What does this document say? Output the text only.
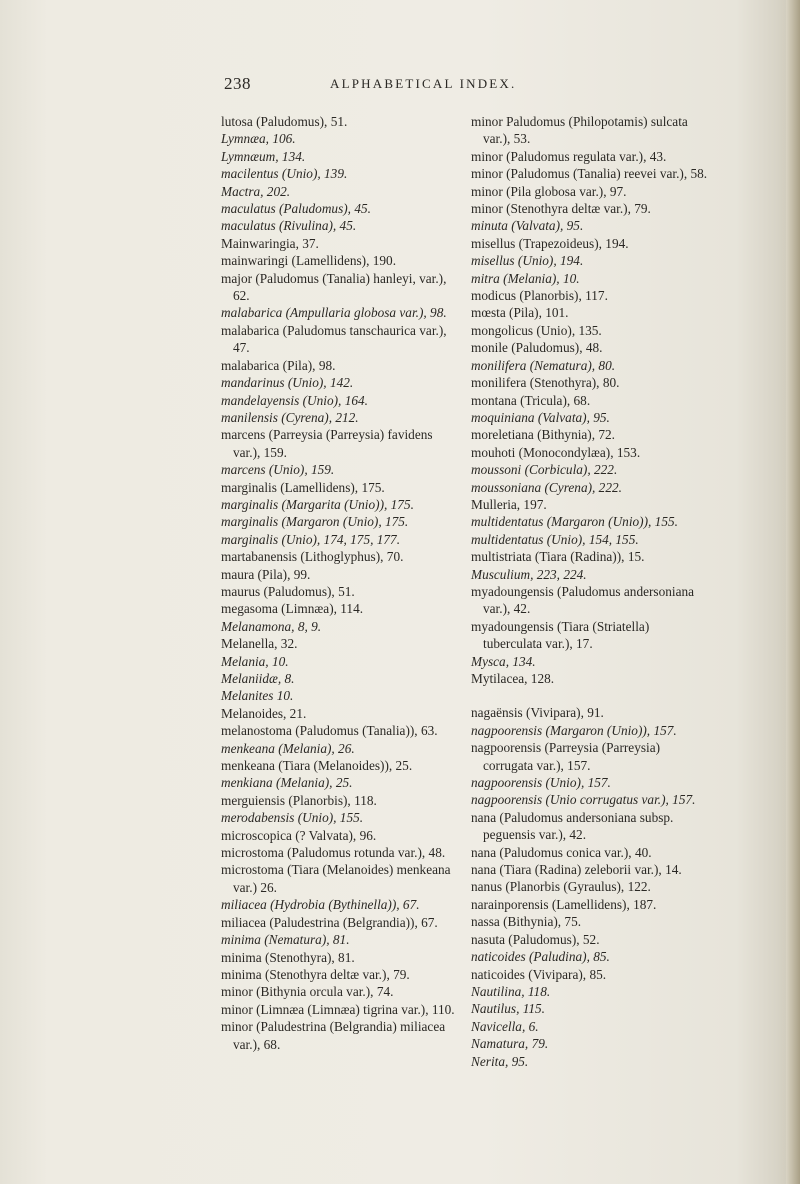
238	ALPHABETICAL INDEX.

lutosa (Paludomus), 51.

Lymnæa, 106.

Lymnæum, 134.

macilentus (Unio), 139.

Mactra, 202.

maculatus (Paludomus), 45.

maculatus (Rivulina), 45.

Mainwaringia, 37.

mainwaringi (Lamellidens), 190.

major (Paludomus (Tanalia) hanleyi, var.), 62.

malabarica (Ampullaria globosa var.), 98.

malabarica (Paludomus tanschaurica var.), 47.

malabarica (Pila), 98.

mandarinus (Unio), 142.

mandelayensis (Unio), 164.

manilensis (Cyrena), 212.

marcens (Parreysia (Parreysia) favidens var.), 159.

marcens (Unio), 159.

marginalis (Lamellidens), 175.

marginalis (Margarita (Unio)), 175.

marginalis (Margaron (Unio), 175.

marginalis (Unio), 174, 175, 177.

martabanensis (Lithoglyphus), 70.

maura (Pila), 99.

maurus (Paludomus), 51.

megasoma (Limnæa), 114.

Melanamona, 8, 9.

Melanella, 32.

Melania, 10.

Melaniidæ, 8.

Melanites 10.

Melanoides, 21.

melanostoma (Paludomus (Tanalia)), 63.

menkeana (Melania), 26.

menkeana (Tiara (Melanoides)), 25.

menkiana (Melania), 25.

merguiensis (Planorbis), 118.

merodabensis (Unio), 155.

microscopica (? Valvata), 96.

microstoma (Paludomus rotunda var.), 48.

microstoma (Tiara (Melanoides) menkeana var.) 26.

miliacea (Hydrobia (Bythinella)), 67.

miliacea (Paludestrina (Belgrandia)), 67.

minima (Nematura), 81.

minima (Stenothyra), 81.

minima (Stenothyra deltæ var.), 79.

minor (Bithynia orcula var.), 74.

minor (Limnæa (Limnæa) tigrina var.), 110.

minor (Paludestrina (Belgrandia) miliacea var.), 68.

minor Paludomus (Philopotamis) sulcata var.), 53.

minor (Paludomus regulata var.), 43.

minor (Paludomus (Tanalia) reevei var.), 58.

minor (Pila globosa var.), 97.

minor (Stenothyra deltæ var.), 79.

minuta (Valvata), 95.

misellus (Trapezoideus), 194.

misellus (Unio), 194.

mitra (Melania), 10.

modicus (Planorbis), 117.

mœsta (Pila), 101.

mongolicus (Unio), 135.

monile (Paludomus), 48.

monilifera (Nematura), 80.

monilifera (Stenothyra), 80.

montana (Tricula), 68.

moquiniana (Valvata), 95.

moreletiana (Bithynia), 72.

mouhoti (Monocondylæa), 153.

moussoni (Corbicula), 222.

moussoniana (Cyrena), 222.

Mulleria, 197.

multidentatus (Margaron (Unio)), 155.

multidentatus (Unio), 154, 155.

multistriata (Tiara (Radina)), 15.

Musculium, 223, 224.

myadoungensis (Paludomus andersoniana var.), 42.

myadoungensis (Tiara (Striatella) tuberculata var.), 17.

Mysca, 134.

Mytilacea, 128.

nagaënsis (Vivipara), 91.

nagpoorensis (Margaron (Unio)), 157.

nagpoorensis (Parreysia (Parreysia) corrugata var.), 157.

nagpoorensis (Unio), 157.

nagpoorensis (Unio corrugatus var.), 157.

nana (Paludomus andersoniana subsp. peguensis var.), 42.

nana (Paludomus conica var.), 40.

nana (Tiara (Radina) zeleborii var.), 14.

nanus (Planorbis (Gyraulus), 122.

narainporensis (Lamellidens), 187.

nassa (Bithynia), 75.

nasuta (Paludomus), 52.

naticoides (Paludina), 85.

naticoides (Vivipara), 85.

Nautilina, 118.

Nautilus, 115.

Navicella, 6.

Namatura, 79.

Nerita, 95.
